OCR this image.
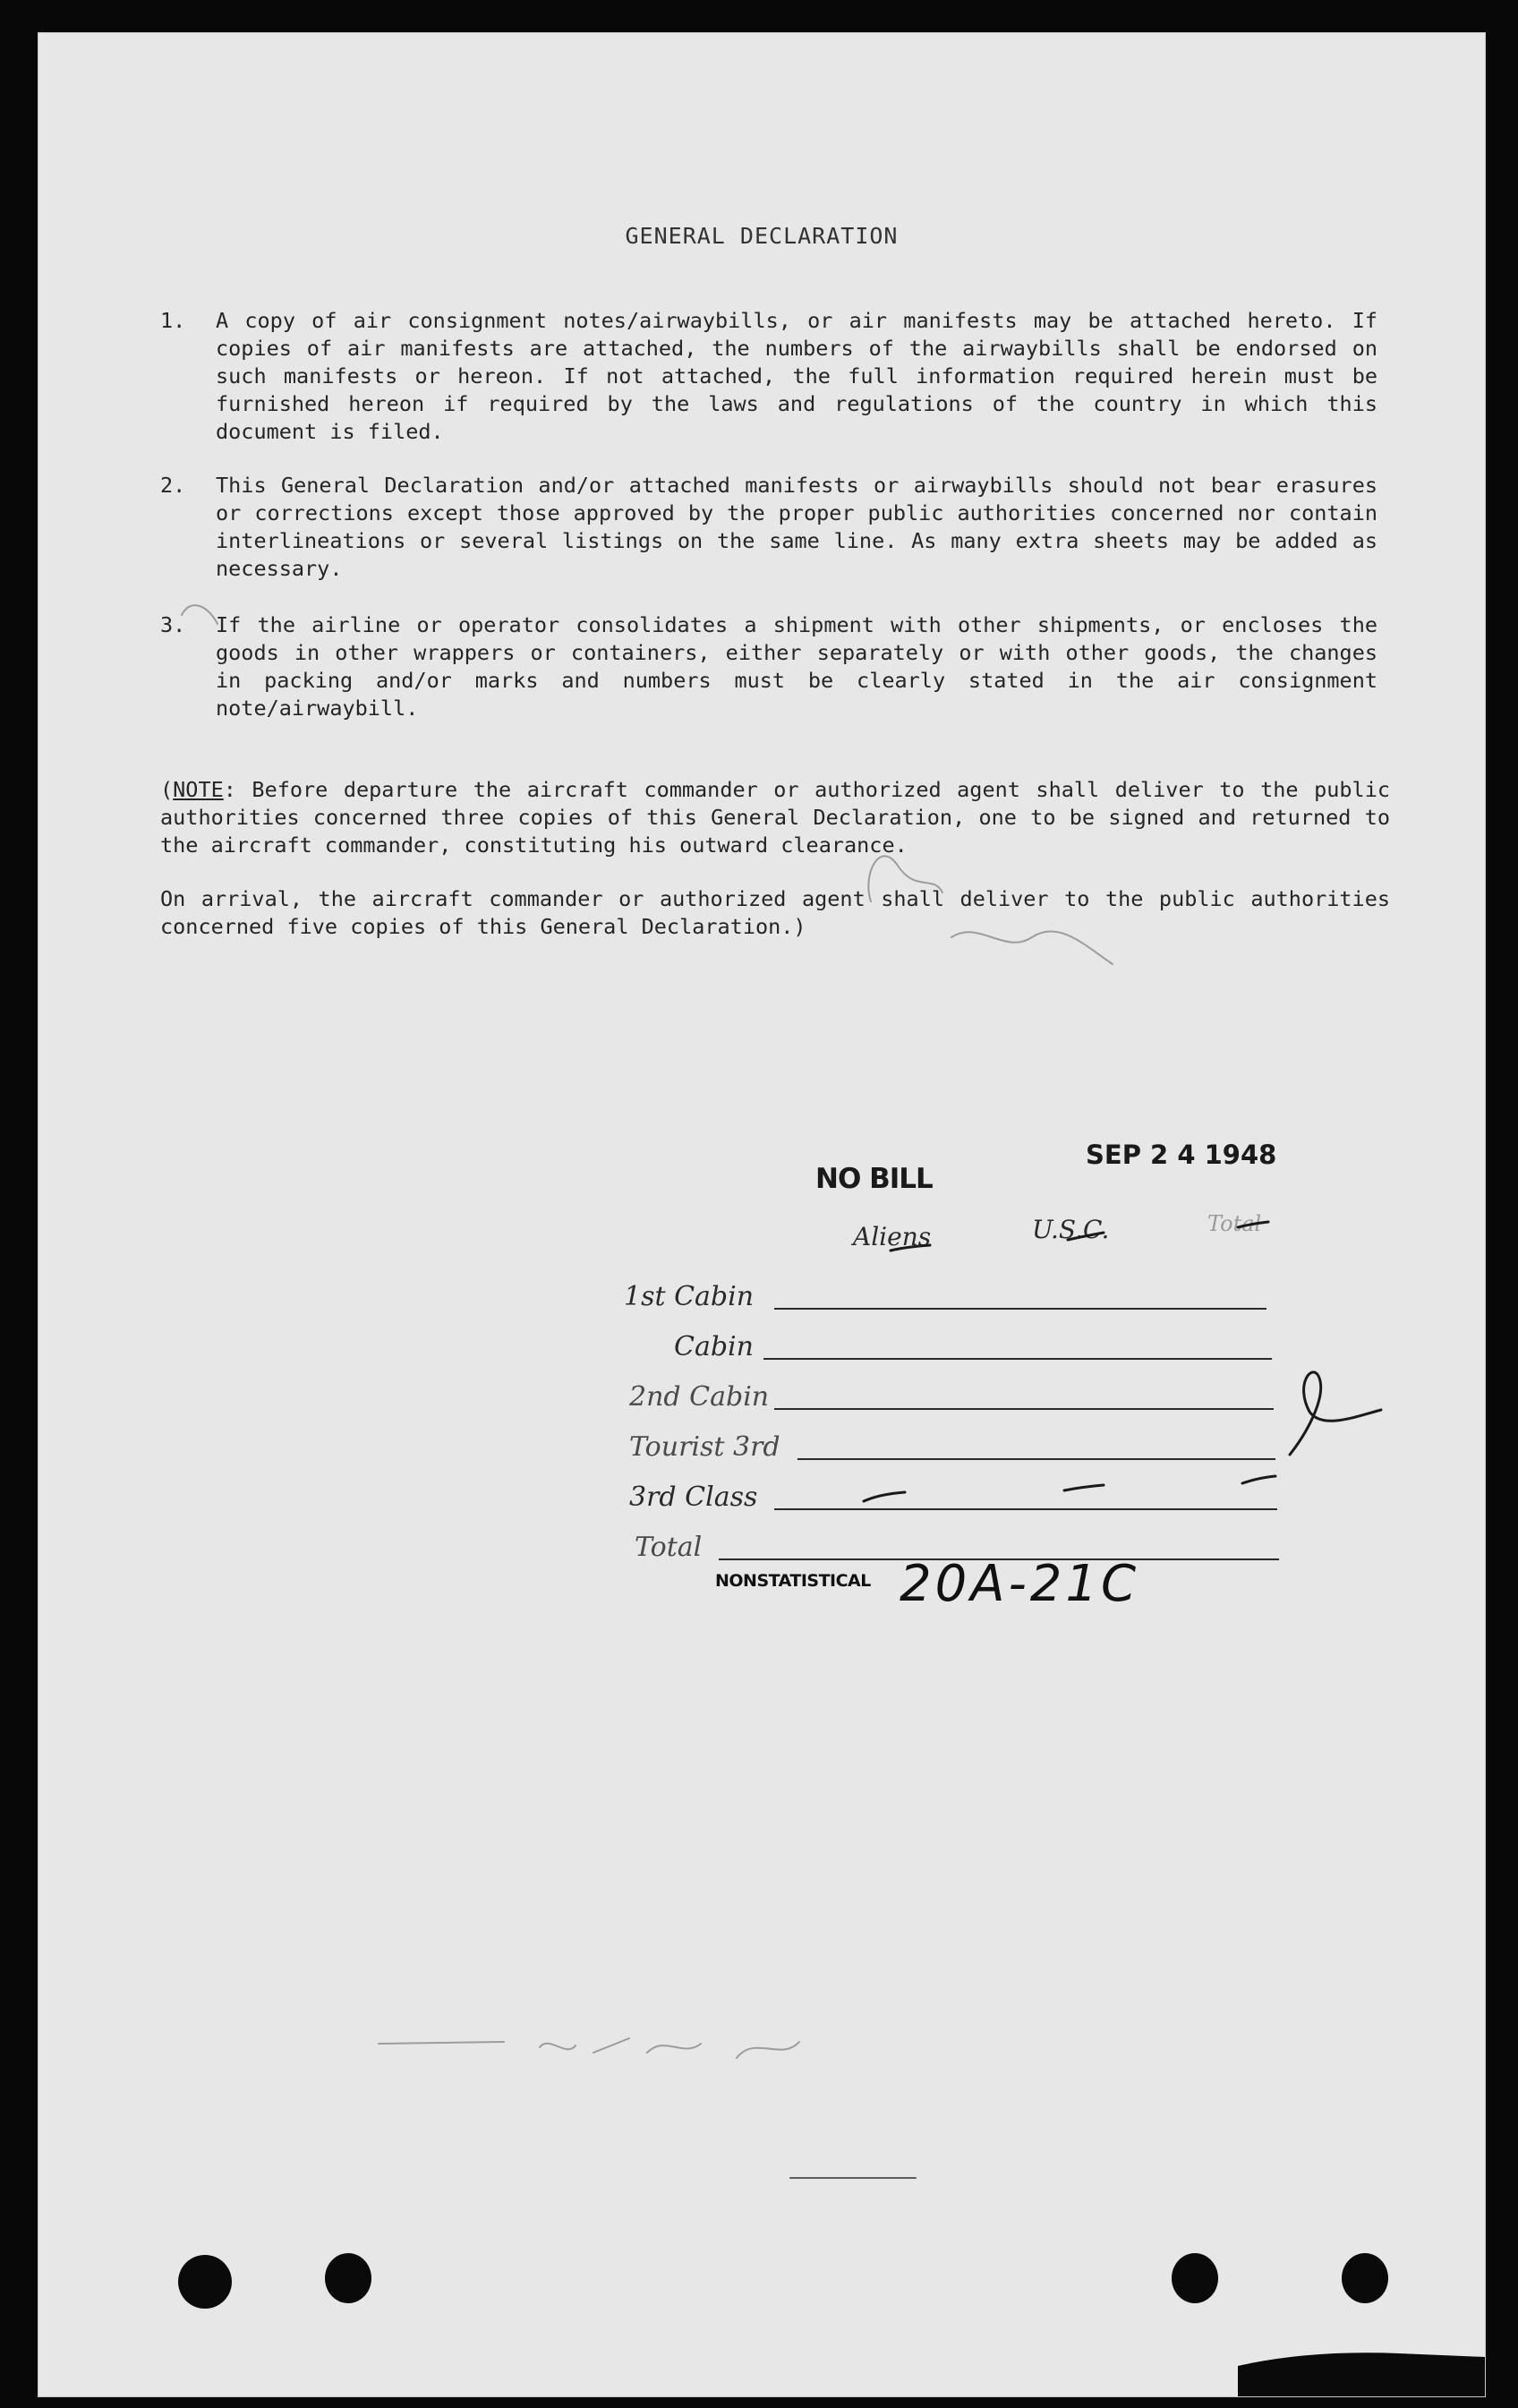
GENERAL DECLARATION
1.	A copy of air consignment notes/airwaybills, or air manifests may be attached hereto. If copies of air manifests are attached, the numbers of the airwaybills shall be endorsed on such manifests or hereon. If not attached, the full information required herein must be furnished hereon if required by the laws and regulations of the country in which this document is filed.
2.	This General Declaration and/or attached manifests or airwaybills should not bear erasures or corrections except those approved by the proper public authorities concerned nor contain interlineations or several listings on the same line. As many extra sheets may be added as necessary.
3.	If the airline or operator consolidates a shipment with other shipments, or encloses the goods in other wrappers or containers, either separately or with other goods, the changes in packing and/or marks and numbers must be clearly stated in the air consignment note/airwaybill.
(NOTE: Before departure the aircraft commander or authorized agent shall deliver to the public authorities concerned three copies of this General Declaration, one to be signed and returned to the aircraft commander, constituting his outward clearance.
On arrival, the aircraft commander or authorized agent shall deliver to the public authorities concerned five copies of this General Declaration.)
NO BILL
SEP 2 4 1948
Aliens	U.S.C.	Total
1st Cabin
Cabin
2nd Cabin
Tourist 3rd
3rd Class
Total
NONSTATISTICAL 20A-21C
